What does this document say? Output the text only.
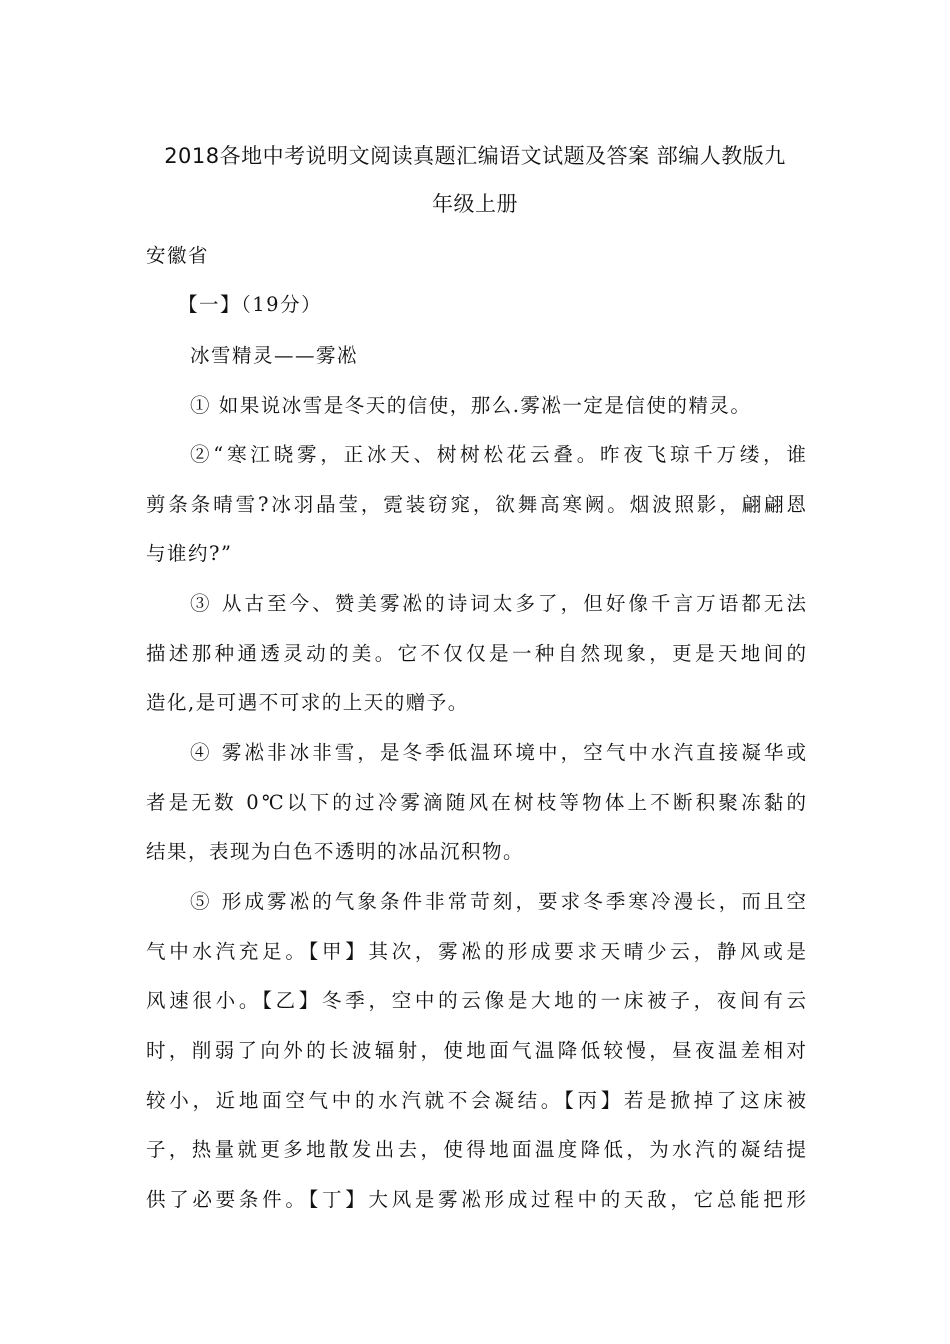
2018各地中考说明文阅读真题汇编语文试题及答案 部编人教版九
年级上册
安徽省
【一】（19分）
冰雪精灵——雾凇
① 如果说冰雪是冬天的信使，那么.雾凇一定是信使的精灵。
②“寒江晓雾，正冰天、树树松花云叠。昨夜飞琼千万缕，谁
剪条条晴雪?冰羽晶莹，霓装窃窕，欲舞高寒阙。烟波照影，翩翩恩
与谁约?”
③ 从古至今、赞美雾凇的诗词太多了，但好像千言万语都无法
描述那种通透灵动的美。它不仅仅是一种自然现象，更是天地间的
造化,是可遇不可求的上天的赠予。
④ 雾凇非冰非雪，是冬季低温环境中，空气中水汽直接凝华或
者是无数 0℃以下的过冷雾滴随风在树枝等物体上不断积聚冻黏的
结果，表现为白色不透明的冰品沉积物。
⑤ 形成雾凇的气象条件非常苛刻，要求冬季寒冷漫长，而且空
气中水汽充足。【甲】其次，雾凇的形成要求天晴少云，静风或是
风速很小。【乙】冬季，空中的云像是大地的一床被子，夜间有云
时，削弱了向外的长波辐射，使地面气温降低较慢，昼夜温差相对
较小，近地面空气中的水汽就不会凝结。【丙】若是掀掉了这床被
子，热量就更多地散发出去，使得地面温度降低，为水汽的凝结提
供了必要条件。【丁】大风是雾凇形成过程中的天敌，它总能把形
